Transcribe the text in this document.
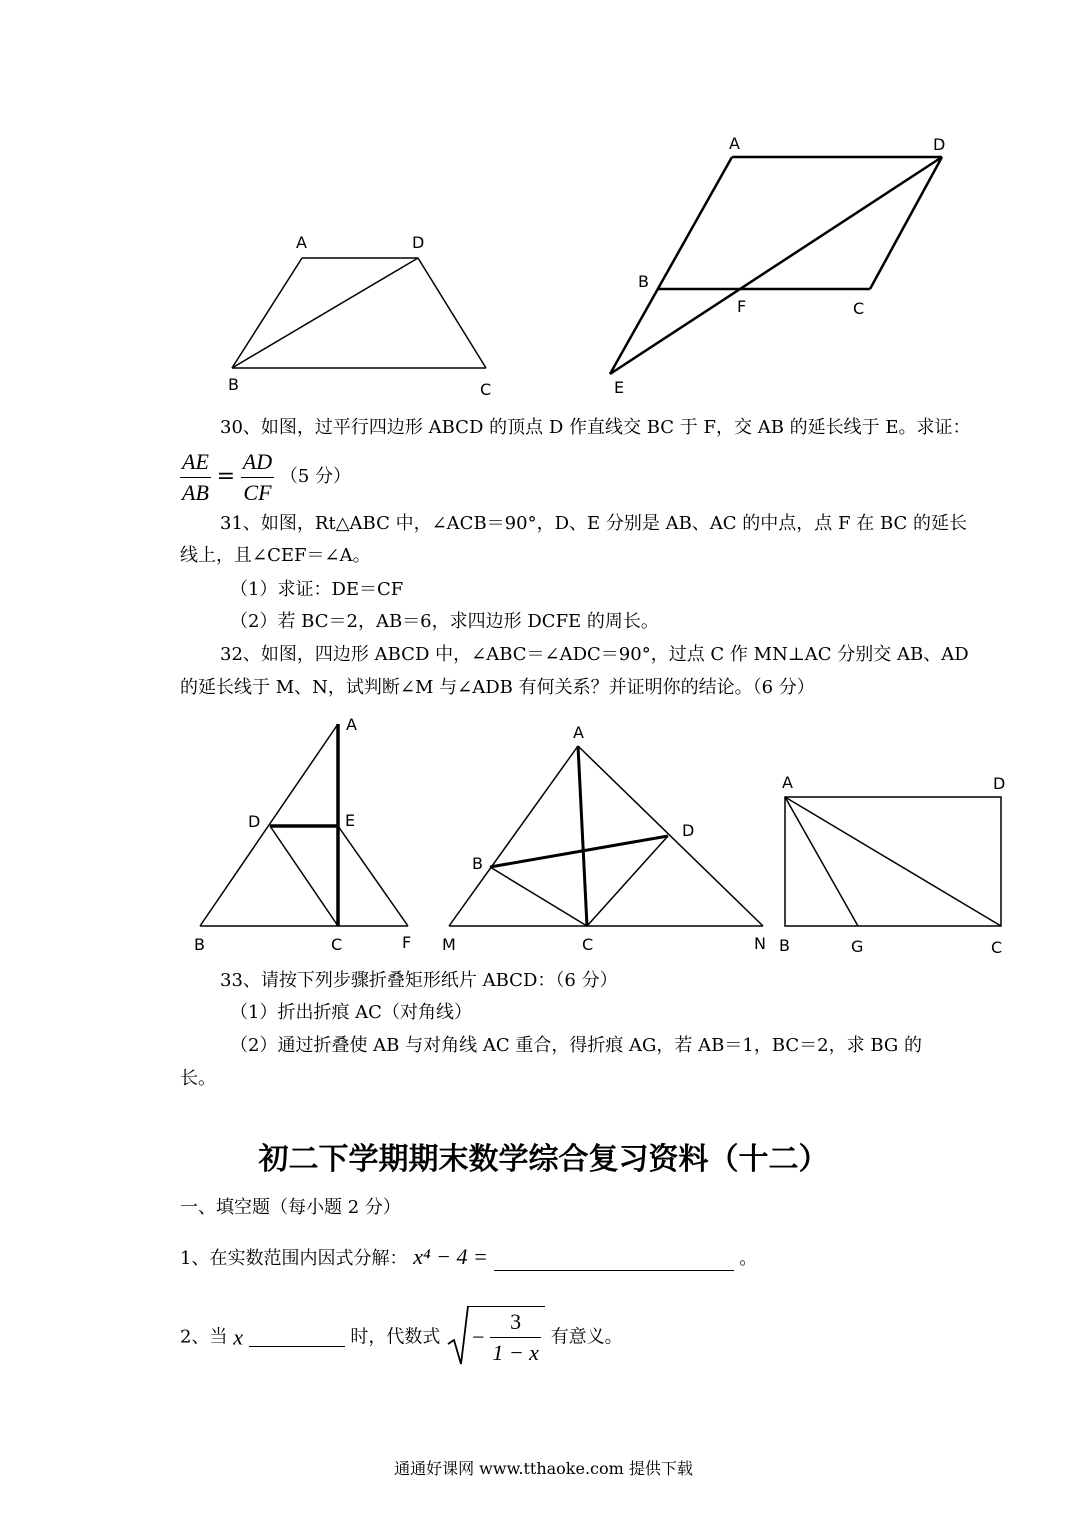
A	D
B	C
A	D
B
F	C
E
30、如图，过平行四边形 ABCD 的顶点 D 作直线交 BC 于 F，交 AB 的延长线于 E。求证：
$\frac{AE}{AB} = \frac{AD}{CF} (5$ 分）
31、如图，Rt△ABC 中，∠ACB＝90°，D、E 分别是 AB、AC 的中点，点 F 在 BC 的延长
线上，且∠CEF＝∠A。
（1）求证：DE＝CF
（2）若 BC＝2，AB＝6，求四边形 DCFE 的周长。
32、如图，四边形 ABCD 中，∠ABC＝∠ADC＝90°，过点 C 作 MN⊥AC 分别交 AB、AD
的延长线于 M、N，试判断∠M 与∠ADB 有何关系？并证明你的结论。（6 分）
A
D	E
B	C	F
A
D
B
M	C	N
A	D
B	G	C
33、请按下列步骤折叠矩形纸片 ABCD：（6 分）
（1）折出折痕 AC（对角线）
（2）通过折叠使 AB 与对角线 AC 重合，得折痕 AG，若 AB＝1，BC＝2，求 BG 的
长。
初二下学期期末数学综合复习资料（十二）
一、填空题（每小题 2 分）
1、在实数范围内因式分解： x⁴ − 4 =	。
2、当 x	时，代数式 − $\frac{3}{1 - x}$ 有意义。
通通好课网 www.tthaoke.com 提供下载
